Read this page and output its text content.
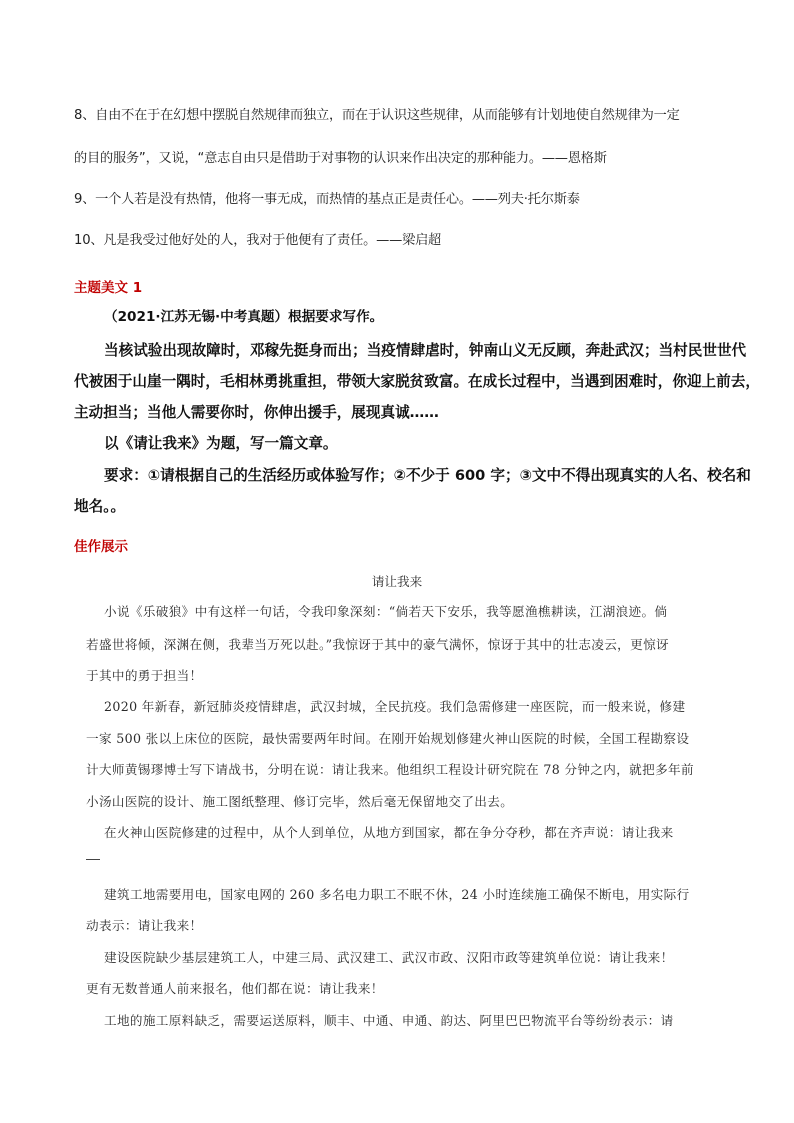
8、自由不在于在幻想中摆脱自然规律而独立，而在于认识这些规律，从而能够有计划地使自然规律为一定
的目的服务”，又说，“意志自由只是借助于对事物的认识来作出决定的那种能力。——恩格斯
9、一个人若是没有热情，他将一事无成，而热情的基点正是责任心。——列夫·托尔斯泰
10、凡是我受过他好处的人，我对于他便有了责任。——梁启超
主题美文 1
（2021·江苏无锡·中考真题）根据要求写作。
当核试验出现故障时，邓稼先挺身而出；当疫情肆虐时，钟南山义无反顾，奔赴武汉；当村民世世代
代被困于山崖一隅时，毛相林勇挑重担，带领大家脱贫致富。在成长过程中，当遇到困难时，你迎上前去，
主动担当；当他人需要你时，你伸出援手，展现真诚……
以《请让我来》为题，写一篇文章。
要求：①请根据自己的生活经历或体验写作；②不少于 600 字；③文中不得出现真实的人名、校名和
地名。。
佳作展示
请让我来
小说《乐破狼》中有这样一句话，令我印象深刻：“倘若天下安乐，我等愿渔樵耕读，江湖浪迹。倘
若盛世将倾，深渊在侧，我辈当万死以赴。”我惊讶于其中的豪气满怀，惊讶于其中的壮志凌云，更惊讶
于其中的勇于担当！
2020 年新春，新冠肺炎疫情肆虐，武汉封城，全民抗疫。我们急需修建一座医院，而一般来说，修建
一家 500 张以上床位的医院，最快需要两年时间。在刚开始规划修建火神山医院的时候，全国工程勘察设
计大师黄锡璆博士写下请战书，分明在说：请让我来。他组织工程设计研究院在 78 分钟之内，就把多年前
小汤山医院的设计、施工图纸整理、修订完毕，然后毫无保留地交了出去。
在火神山医院修建的过程中，从个人到单位，从地方到国家，都在争分夺秒，都在齐声说：请让我来
建筑工地需要用电，国家电网的 260 多名电力职工不眠不休，24 小时连续施工确保不断电，用实际行
动表示：请让我来！
建设医院缺少基层建筑工人，中建三局、武汉建工、武汉市政、汉阳市政等建筑单位说：请让我来！
更有无数普通人前来报名，他们都在说：请让我来！
工地的施工原料缺乏，需要运送原料，顺丰、中通、申通、韵达、阿里巴巴物流平台等纷纷表示：请
